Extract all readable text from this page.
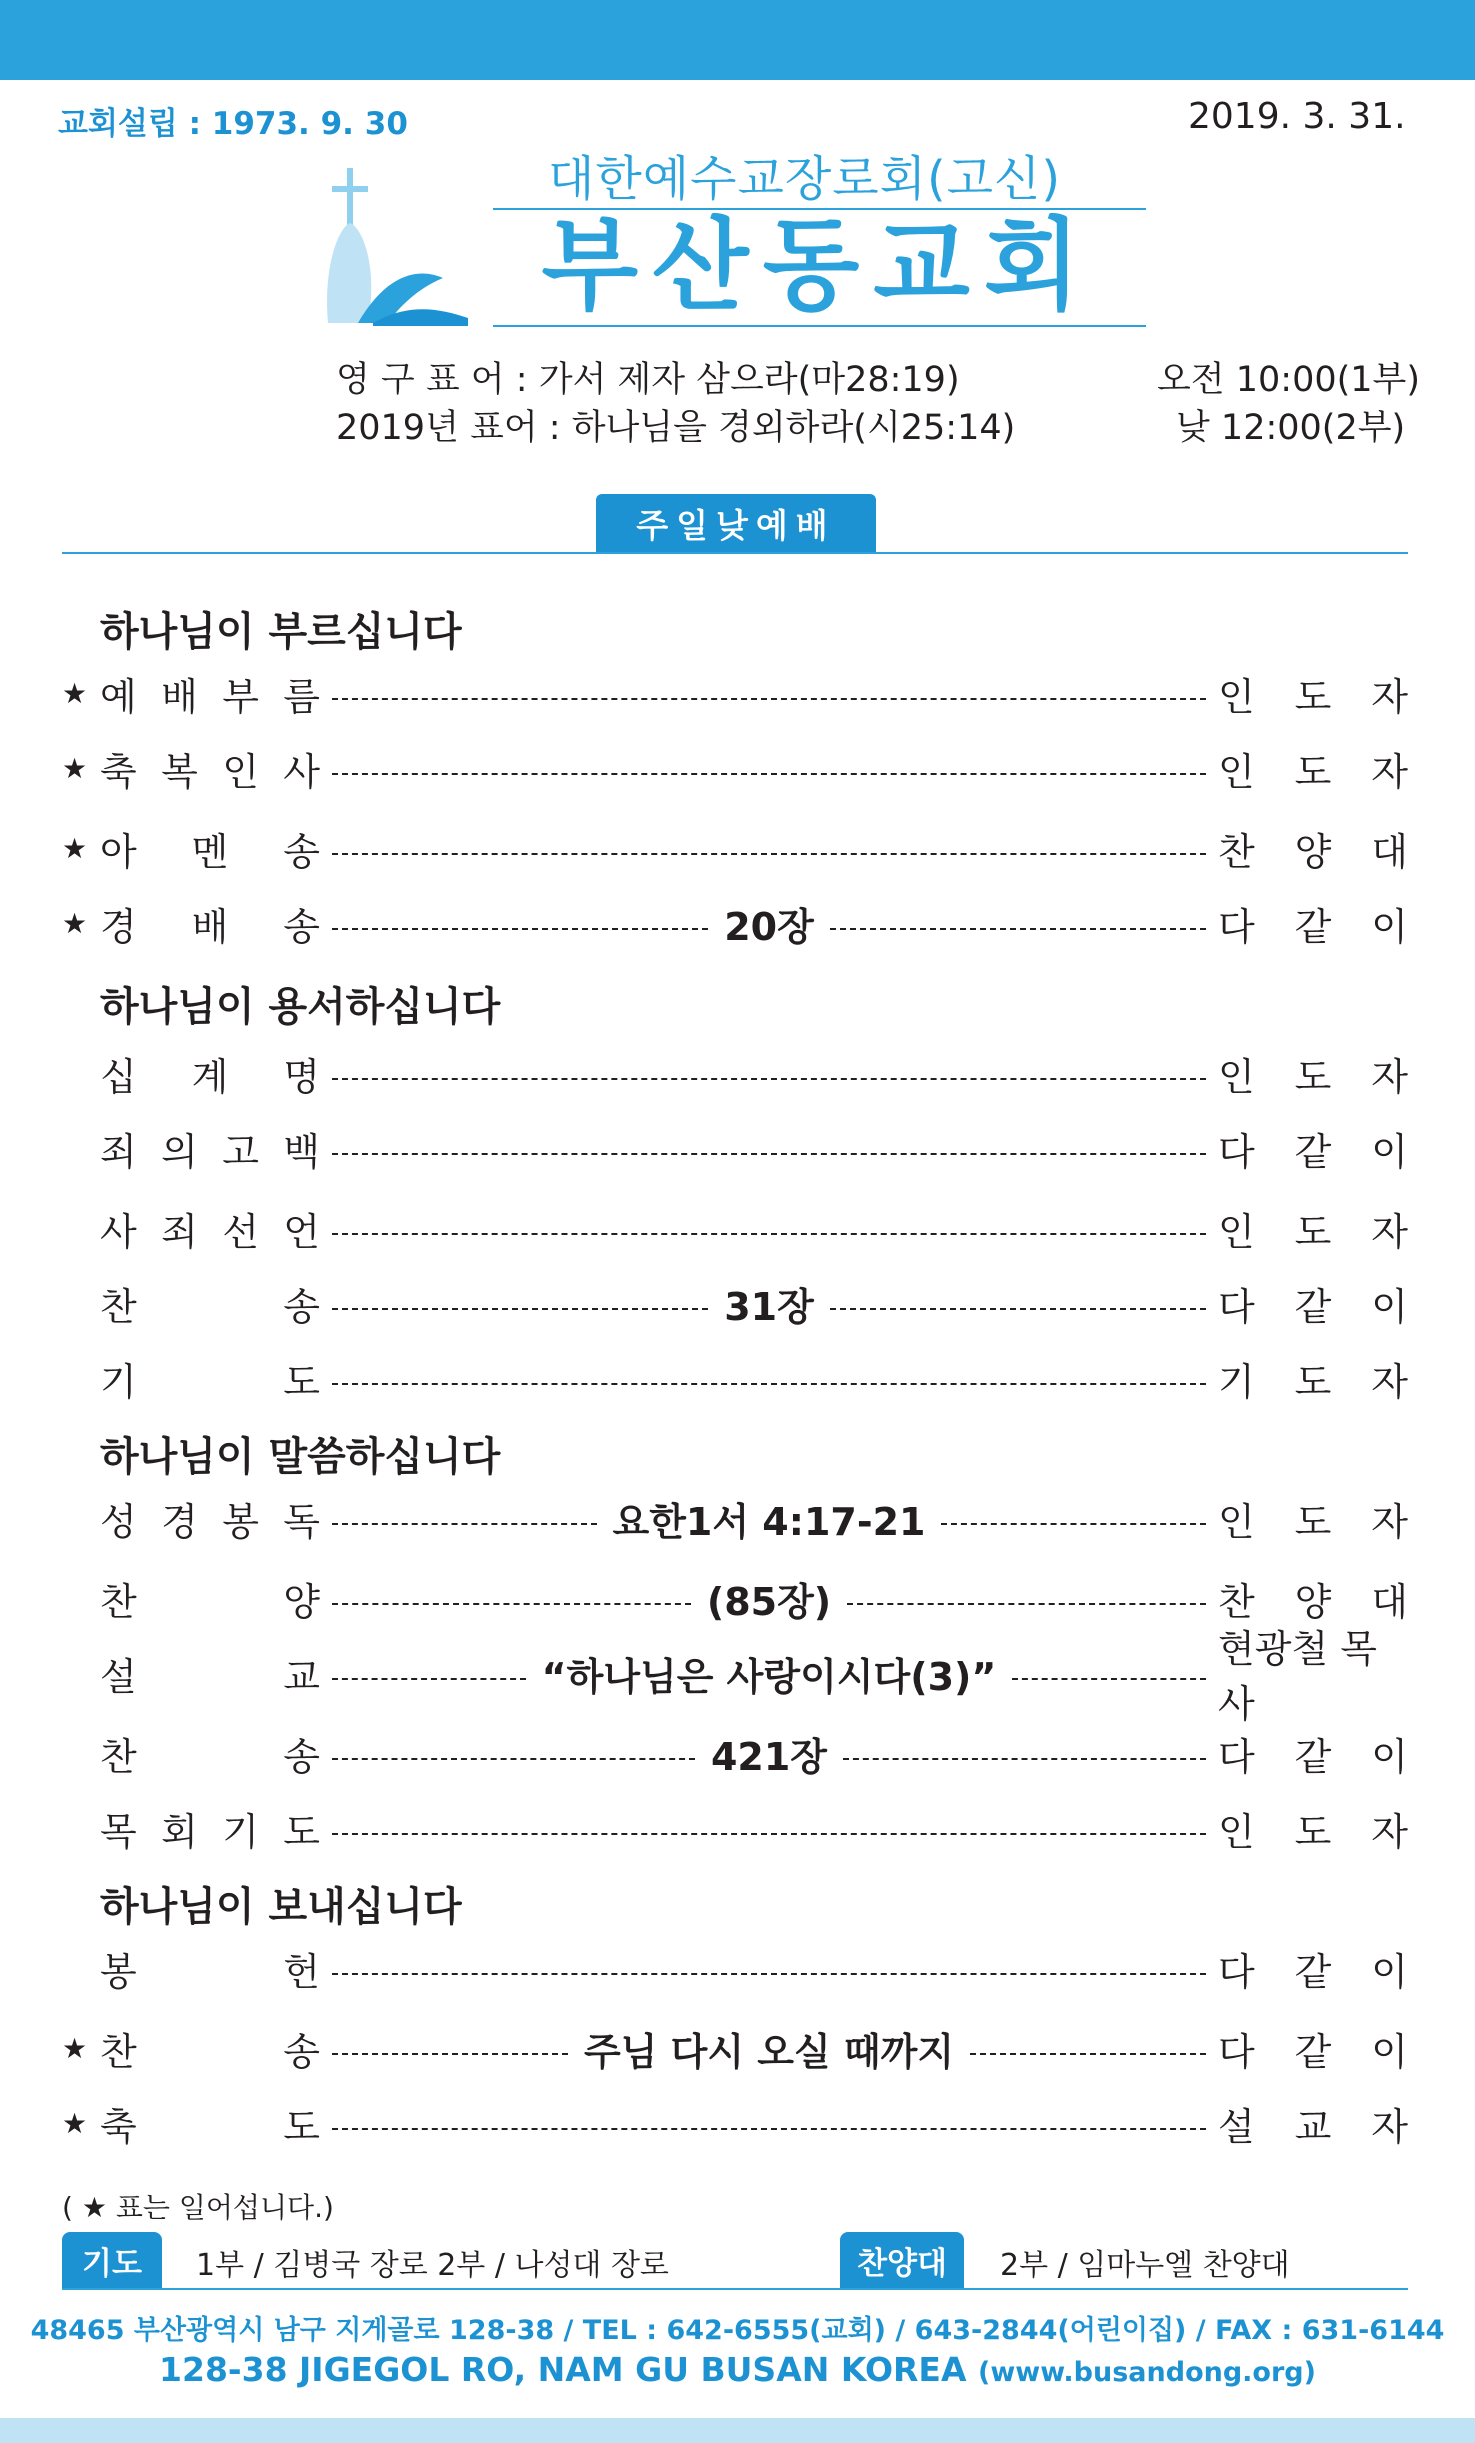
교회설립 : 1973. 9. 30	2019. 3. 31.
대한예수교장로회(고신)
부산동교회
영 구 표 어 : 가서 제자 삼으라(마28:19)
2019년 표어 : 하나님을 경외하라(시25:14)
오전 10:00(1부)
낮 12:00(2부)
주일낮예배
하나님이 부르십니다
★ 예 배 부 름	인 도 자
★ 축 복 인 사	인 도 자
★ 아 멘 송	찬 양 대
★ 경 배 송	20장	다 같 이
하나님이 용서하십니다
십 계 명	인 도 자
죄 의 고 백	다 같 이
사 죄 선 언	인 도 자
찬	송	31장	다 같 이
기	도	기 도 자
하나님이 말씀하십니다
성 경 봉 독	요한1서 4:17-21	인 도 자
찬	양	(85장)	찬 양 대
설	교	“하나님은 사랑이시다(3)”
현광철 목사
찬	송	421장	다 같 이
목 회 기 도	인 도 자
하나님이 보내십니다
봉	헌	다 같 이
★ 찬	송	주님 다시 오실 때까지	다 같 이
★ 축	도	설 교 자
( ★ 표는 일어섭니다.)
기도	1부 / 김병국 장로 2부 / 나성대 장로	찬양대	2부 / 임마누엘 찬양대
48465 부산광역시 남구 지게골로 128-38 / TEL : 642-6555(교회) / 643-2844(어린이집) / FAX : 631-6144
128-38 JIGEGOL RO, NAM GU BUSAN KOREA (www.busandong.org)
